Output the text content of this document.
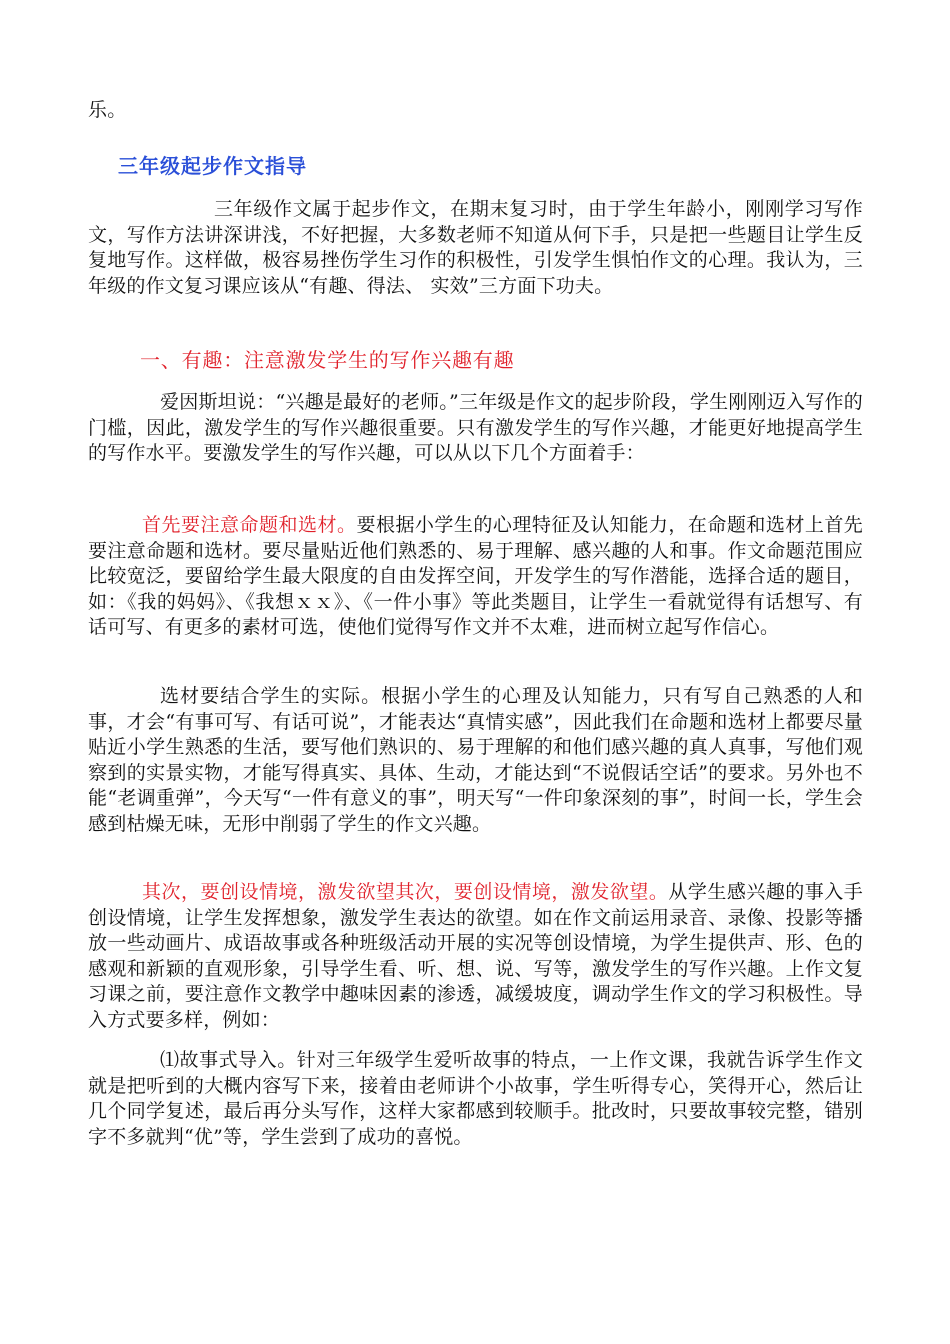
乐。
三年级起步作文指导
三年级作文属于起步作文，在期末复习时，由于学生年龄小，刚刚学习写作文，写作方法讲深讲浅，不好把握，大多数老师不知道从何下手，只是把一些题目让学生反复地写作。这样做，极容易挫伤学生习作的积极性，引发学生惧怕作文的心理。我认为，三年级的作文复习课应该从“有趣、得法、 实效”三方面下功夫。
一、有趣：注意激发学生的写作兴趣有趣
爱因斯坦说：“兴趣是最好的老师。”三年级是作文的起步阶段，学生刚刚迈入写作的门槛，因此，激发学生的写作兴趣很重要。只有激发学生的写作兴趣，才能更好地提高学生的写作水平。要激发学生的写作兴趣，可以从以下几个方面着手：
首先要注意命题和选材。要根据小学生的心理特征及认知能力，在命题和选材上首先要注意命题和选材。要尽量贴近他们熟悉的、易于理解、感兴趣的人和事。作文命题范围应比较宽泛，要留给学生最大限度的自由发挥空间，开发学生的写作潜能，选择合适的题目，如：《我的妈妈》、《我想ｘｘ》、《一件小事》等此类题目，让学生一看就觉得有话想写、有话可写、有更多的素材可选，使他们觉得写作文并不太难，进而树立起写作信心。
选材要结合学生的实际。根据小学生的心理及认知能力，只有写自己熟悉的人和事，才会“有事可写、有话可说”，才能表达“真情实感”，因此我们在命题和选材上都要尽量贴近小学生熟悉的生活，要写他们熟识的、易于理解的和他们感兴趣的真人真事，写他们观察到的实景实物，才能写得真实、具体、生动，才能达到“不说假话空话”的要求。另外也不能“老调重弹”，今天写“一件有意义的事”，明天写“一件印象深刻的事”，时间一长，学生会感到枯燥无味，无形中削弱了学生的作文兴趣。
其次，要创设情境，激发欲望其次，要创设情境，激发欲望。从学生感兴趣的事入手创设情境，让学生发挥想象，激发学生表达的欲望。如在作文前运用录音、录像、投影等播放一些动画片、成语故事或各种班级活动开展的实况等创设情境，为学生提供声、形、色的感观和新颖的直观形象，引导学生看、听、想、说、写等，激发学生的写作兴趣。上作文复习课之前，要注意作文教学中趣味因素的渗透，减缓坡度，调动学生作文的学习积极性。导入方式要多样，例如：
⑴故事式导入。针对三年级学生爱听故事的特点，一上作文课，我就告诉学生作文就是把听到的大概内容写下来，接着由老师讲个小故事，学生听得专心，笑得开心，然后让几个同学复述，最后再分头写作，这样大家都感到较顺手。批改时，只要故事较完整，错别字不多就判“优”等，学生尝到了成功的喜悦。
